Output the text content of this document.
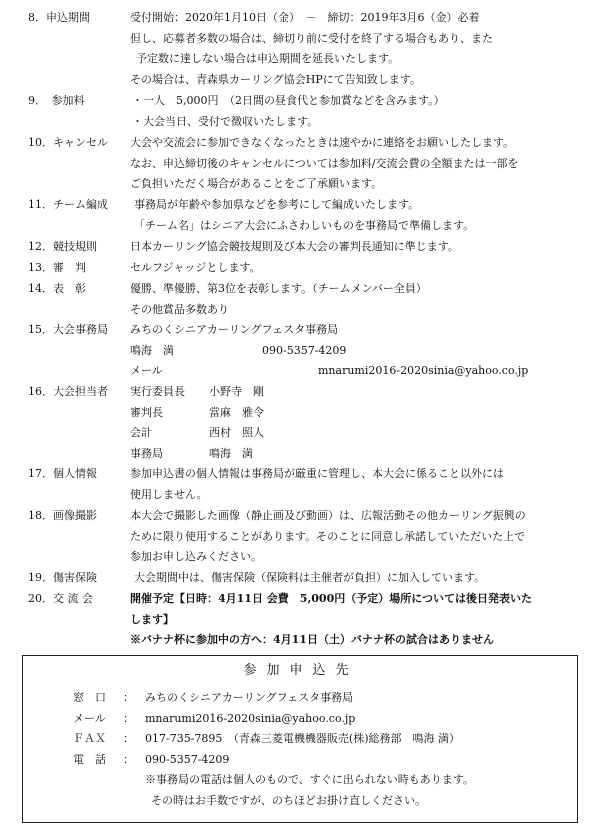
8．申込期間	受付開始：2020年1月10日（金）　－　締切：2019年3月6（金）必着
但し、応募者多数の場合は、締切り前に受付を終了する場合もあり、また
予定数に達しない場合は申込期間を延長いたします。
その場合は、青森県カーリング協会HPにて告知致します。
9．　参加料	・一人　5,000円　（2日間の昼食代と参加賞などを含みます。）
・大会当日、受付で徴収いたします。
10．キャンセル 大会や交流会に参加できなくなったときは速やかに連絡をお願いしたします。
なお、申込締切後のキャンセルについては参加料/交流会費の全額または一部を
ご負担いただく場合があることをご了承願います。
11．チーム編成 事務局が年齢や参加県などを参考にして編成いたします。
「チーム名」はシニア大会にふさわしいものを事務局で準備します。
12．競技規則	日本カーリング協会競技規則及び本大会の審判長通知に準じます。
13．審　判	セルフジャッジとします。
14．表　彰	優勝、準優勝、第3位を表彰します。（チームメンバー全員）
その他賞品多数あり
15．大会事務局 みちのくシニアカーリングフェスタ事務局
鳴海　満	090-5357-4209
メール	mnarumi2016-2020sinia@yahoo.co.jp
16．大会担当者 実行委員長 小野寺　剛
審判長	當麻　雅令
会計	西村　照人
事務局	鳴海　満
17．個人情報	参加申込書の個人情報は事務局が厳重に管理し、本大会に係ること以外には
使用しません。
18．画像撮影	本大会で撮影した画像（静止画及び動画）は、広報活動その他カーリング振興の
ために限り使用することがあります。そのことに同意し承諾していただいた上で
参加お申し込みください。
19．傷害保険	大会期間中は、傷害保険（保険料は主催者が負担）に加入しています。
20．交 流 会	開催予定【日時：4月11日 会費　5,000円（予定）場所については後日発表いた
します】
※バナナ杯に参加中の方へ：4月11日（土）バナナ杯の試合はありません
参加申込先
窓　口 ： みちのくシニアカーリングフェスタ事務局
メール ： mnarumi2016-2020sinia@yahoo.co.jp
ＦＡＸ ： 017-735-7895　（青森三菱電機機器販売(株)総務部　鳴海 満）
電　話 ： 090-5357-4209
※事務局の電話は個人のもので、すぐに出られない時もあります。
その時はお手数ですが、のちほどお掛け直しください。
